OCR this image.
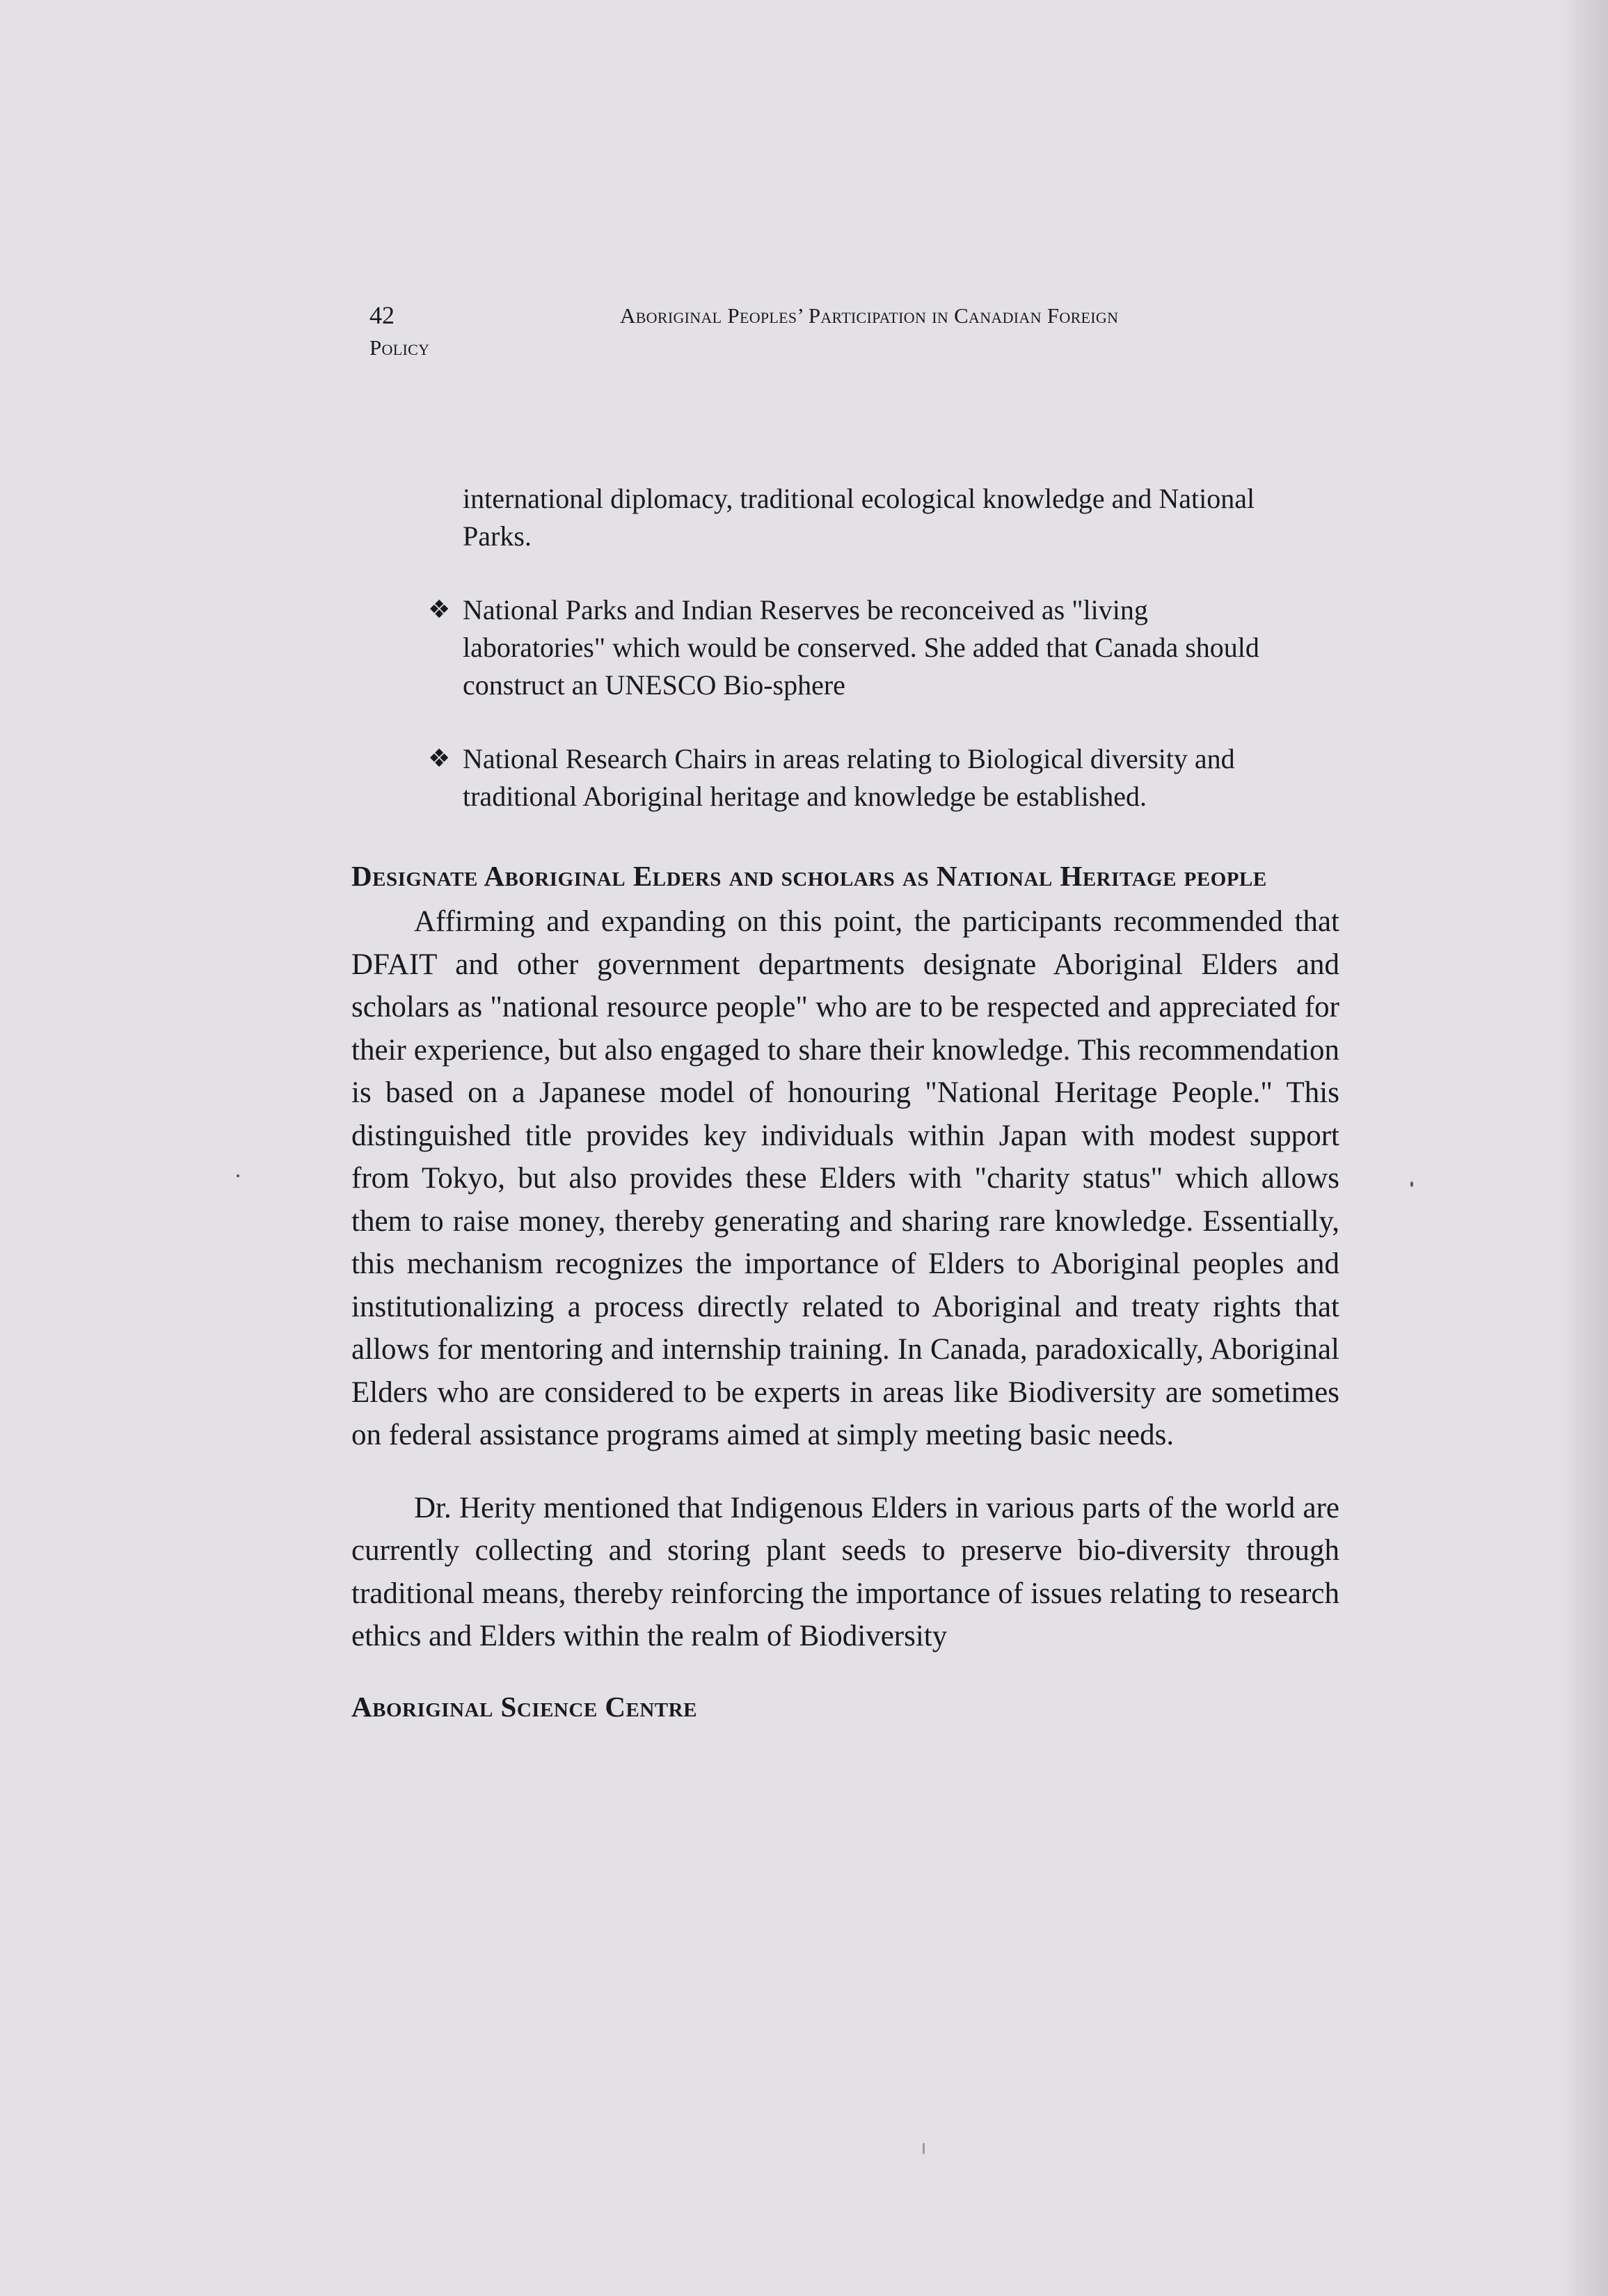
42	Aboriginal Peoples’ Participation in Canadian Foreign
Policy
international diplomacy, traditional ecological knowledge and National Parks.
❖ National Parks and Indian Reserves be reconceived as "living laboratories" which would be conserved. She added that Canada should construct an UNESCO Bio-sphere
❖ National Research Chairs in areas relating to Biological diversity and traditional Aboriginal heritage and knowledge be established.
Designate Aboriginal Elders and scholars as National Heritage people

Affirming and expanding on this point, the participants recommended that DFAIT and other government departments designate Aboriginal Elders and scholars as "national resource people" who are to be respected and appreciated for their experience, but also engaged to share their knowledge. This recommendation is based on a Japanese model of honouring "National Heritage People." This distinguished title provides key individuals within Japan with modest support from Tokyo, but also provides these Elders with "charity status" which allows them to raise money, thereby generating and sharing rare knowledge. Essentially, this mechanism recognizes the importance of Elders to Aboriginal peoples and institutionalizing a process directly related to Aboriginal and treaty rights that allows for mentoring and internship training. In Canada, paradoxically, Aboriginal Elders who are considered to be experts in areas like Biodiversity are sometimes on federal assistance programs aimed at simply meeting basic needs.

Dr. Herity mentioned that Indigenous Elders in various parts of the world are currently collecting and storing plant seeds to preserve bio-diversity through traditional means, thereby reinforcing the importance of issues relating to research ethics and Elders within the realm of Biodiversity

Aboriginal Science Centre
